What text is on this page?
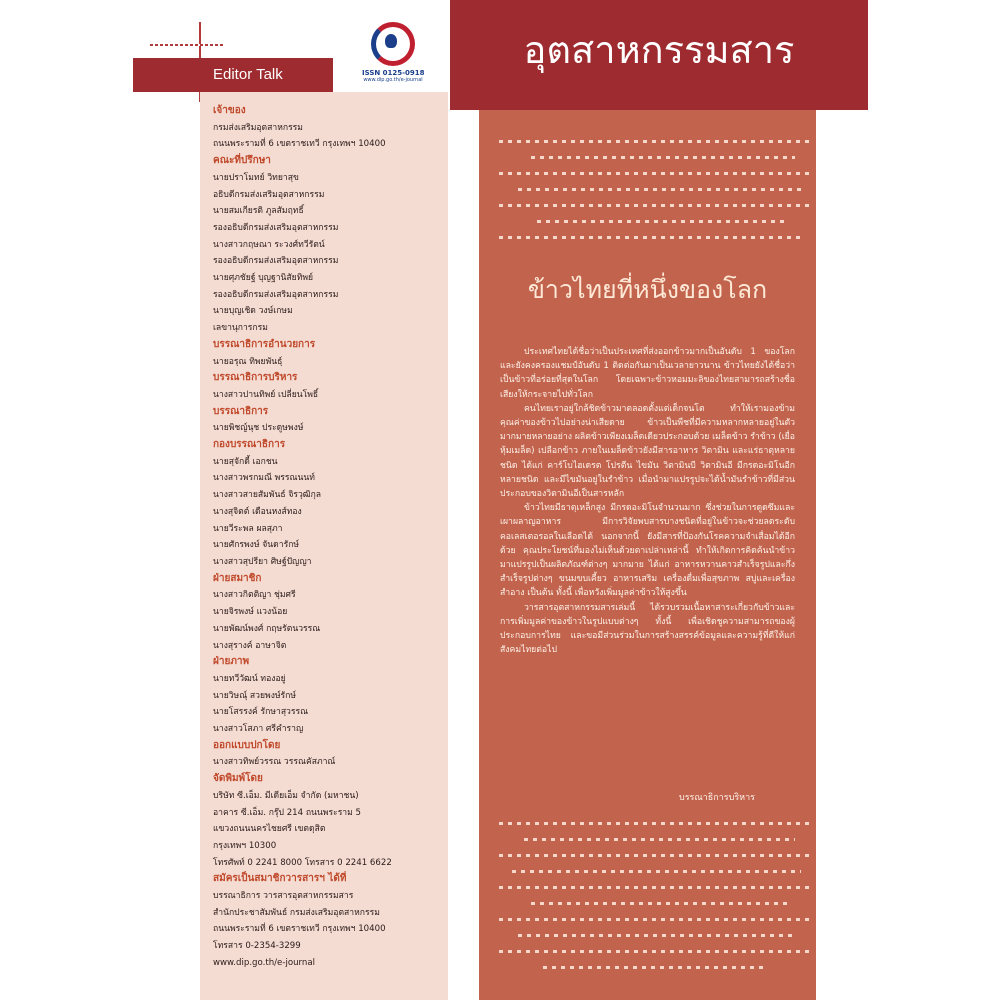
ISSN 0125-0918
www.dip.go.th/e-journal
Editor Talk
อุตสาหกรรมสาร
เจ้าของ
กรมส่งเสริมอุตสาหกรรม
ถนนพระรามที่ 6 เขตราชเทวี กรุงเทพฯ 10400
คณะที่ปรึกษา
นายปราโมทย์ วิทยาสุข
อธิบดีกรมส่งเสริมอุตสาหกรรม
นายสมเกียรติ ภูลสัมฤทธิ์
รองอธิบดีกรมส่งเสริมอุตสาหกรรม
นางสาวกฤษณา ระวงศ์ทวีรัตน์
รองอธิบดีกรมส่งเสริมอุตสาหกรรม
นายศุภชัยฐ์ บุญฐานิสัยทิพย์
รองอธิบดีกรมส่งเสริมอุตสาหกรรม
นายบุญเชิด วงษ์เกษม
เลขานุการกรม
บรรณาธิการอำนวยการ
นายอรุณ ทิพยพันธุ์
บรรณาธิการบริหาร
นางสาวปานทิพย์ เปลี่ยนโพธิ์
บรรณาธิการ
นายพิชญ์นุช ประดูษพงษ์
กองบรรณาธิการ
นายสุจักดี้ เอกชน
นางสาวพรกมณี พรรณนนท์
นางสาวสายสัมพันธ์ จิรวุฒิกุล
นางสุจิตต์ เดือนหงส์ทอง
นายวีระพล ผลสุภา
นายศักรพงษ์ จันดารักษ์
นางสาวสุปรียา ศิษฐ์ปัญญา
ฝ่ายสมาชิก
นางสาวกิตติญา ชุ่มศรี
นายจิรพงษ์ แวงน้อย
นายพัฒน์พงศ์ กฤษรัตนวรรณ
นางสุรางค์ อาษาจิต
ฝ่ายภาพ
นายทวีวัฒน์ ทองอยู่
นายวิษณุ์ สวยพงษ์รักษ์
นายโสรรงค์ รักษาสุวรรณ
นางสาวโสภา ศรีคำราญ
ออกแบบปกโดย
นางสาวทิพย์วรรณ วรรณคัสภาณ์
จัดพิมพ์โดย
บริษัท ซี.เอ็ม. มีเดียเอ็ม จำกัด (มหาชน)
อาคาร ซี.เอ็ม. กรุ๊ป 214 ถนนพระราม 5
แขวงถนนนครไชยศรี เขตดุสิต
กรุงเทพฯ 10300
โทรศัพท์ 0 2241 8000 โทรสาร 0 2241 6622
สมัครเป็นสมาชิกวารสารฯ ได้ที่
บรรณาธิการ วารสารอุตสาหกรรมสาร
สำนักประชาสัมพันธ์ กรมส่งเสริมอุตสาหกรรม
ถนนพระรามที่ 6 เขตราชเทวี กรุงเทพฯ 10400
โทรสาร 0-2354-3299
www.dip.go.th/e-journal
ข้าวไทยที่หนึ่งของโลก

ประเทศไทยได้ชื่อว่าเป็นประเทศที่ส่งออกข้าวมากเป็นอันดับ 1 ของโลก และยังคงครองแชมป์อันดับ 1 ติดต่อกันมาเป็นเวลายาวนาน ข้าวไทยยังได้ชื่อว่าเป็นข้าวที่อร่อยที่สุดในโลก โดยเฉพาะข้าวหอมมะลิของไทยสามารถสร้างชื่อเสียงให้กระจายไปทั่วโลก

คนไทยเราอยู่ใกล้ชิดข้าวมาตลอดตั้งแต่เด็กจนโต ทำให้เรามองข้ามคุณค่าของข้าวไปอย่างน่าเสียดาย ข้าวเป็นพืชที่มีความหลากหลายอยู่ในตัวมากมายหลายอย่าง ผลิตข้าวเพียงเมล็ดเดียวประกอบด้วย เมล็ดข้าว รำข้าว (เยื่อหุ้มเมล็ด) เปลือกข้าว ภายในเมล็ดข้าวยังมีสารอาหาร วิตามิน และแร่ธาตุหลายชนิด ได้แก่ คาร์โบไฮเดรต โปรตีน ไขมัน วิตามินบี วิตามินอี มีกรดอะมิโนอีกหลายชนิด และมีไขมันอยู่ในรำข้าว เมื่อนำมาแปรรูปจะได้น้ำมันรำข้าวที่มีส่วนประกอบของวิตามินอีเป็นสารหลัก

ข้าวไทยมีธาตุเหล็กสูง มีกรดอะมิโนจำนวนมาก ซึ่งช่วยในการดูดซึมและเผาผลาญอาหาร มีการวิจัยพบสารบางชนิดที่อยู่ในข้าวจะช่วยลดระดับคอเลสเตอรอลในเลือดได้ นอกจากนี้ ยังมีสารที่ป้องกันโรคความจำเสื่อมได้อีกด้วย คุณประโยชน์ที่มองไม่เห็นด้วยตาเปล่าเหล่านี้ ทำให้เกิดการคิดค้นนำข้าวมาแปรรูปเป็นผลิตภัณฑ์ต่างๆ มากมาย ได้แก่ อาหารหวานคาวสำเร็จรูปและกึ่งสำเร็จรูปต่างๆ ขนมขบเคี้ยว อาหารเสริม เครื่องดื่มเพื่อสุขภาพ สบู่และเครื่องสำอาง เป็นต้น ทั้งนี้ เพื่อหวังเพิ่มมูลค่าข้าวให้สูงขึ้น

วารสารอุตสาหกรรมสารเล่มนี้ ได้รวบรวมเนื้อหาสาระเกี่ยวกับข้าวและการเพิ่มมูลค่าของข้าวในรูปแบบต่างๆ ทั้งนี้ เพื่อเชิดชูความสามารถของผู้ประกอบการไทย และขอมีส่วนร่วมในการสร้างสรรค์ข้อมูลและความรู้ที่ดีให้แก่สังคมไทยต่อไป

บรรณาธิการบริหาร
